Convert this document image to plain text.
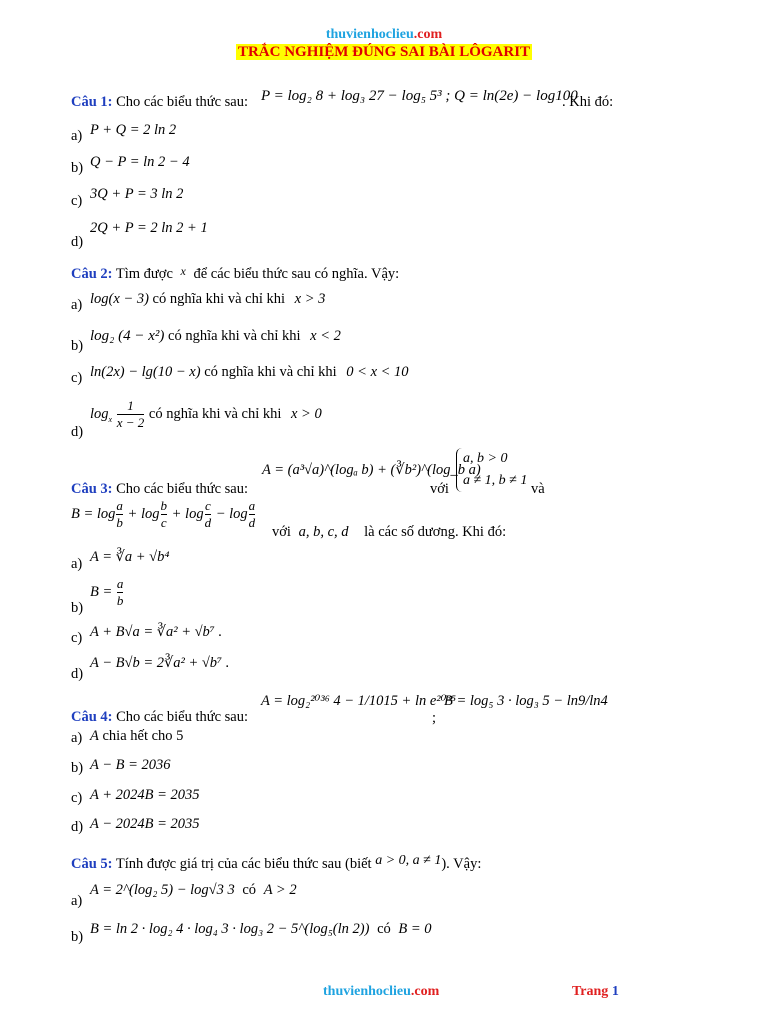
thuvienhoclieu.com
TRẮC NGHIỆM ĐÚNG SAI BÀI LÔGARIT
Câu 1: Cho các biểu thức sau: P = log₂ 8 + log₃ 27 − log₅ 5³ ; Q = ln(2e) − log100
. Khi đó:
a) P + Q = 2 ln 2
b) Q − P = ln 2 − 4
c) 3Q + P = 3 ln 2
d)
2Q + P = 2 ln 2 + 1
Câu 2: Tìm được $^x$ để các biểu thức sau có nghĩa. Vậy:
a) log(x − 3) có nghĩa khi và chỉ khi x > 3
b)
log₂ (4 − x²) có nghĩa khi và chỉ khi x < 2
c) ln(2x) − lg(10 − x) có nghĩa khi và chỉ khi 0 < x < 10
d)
$\log_x \frac{1}{x - 2}$ có nghĩa khi và chỉ khi x > 0
Câu 3: Cho các biểu thức sau:
A = (a³√a)^(logₐ b) + (∛b²)^(log_b a)
với
a, b > 0
a ≠ 1, b ≠ 1
và
$B = \log \frac{a}{b} + \log \frac{b}{c} + \log \frac{c}{d} - \log \frac{a}{d}$
với a, b, c, d là các số dương. Khi đó:
a) A = ∛a + √b⁴
b)
$B = \frac{a}{b}$
c) A + B√a = ∛a² + √b⁷ .
d)
A − B√b = 2∛a² + √b⁷ .
Câu 4: Cho các biểu thức sau:
A = log₂²⁰³⁶ 4 − 1/1015 + ln e²⁰³⁵
;
B = log₅ 3 · log₃ 5 − ln9/ln4
a) A chia hết cho 5
b) A − B = 2036
c) A + 2024B = 2035
d) A − 2024B = 2035
Câu 5: Tính được giá trị của các biểu thức sau (biết a > 0, a ≠ 1). Vậy:
a)
A = 2^(log₂ 5) − log√3 3 có A > 2
b) B = ln 2 · log₂ 4 · log₄ 3 · log₃ 2 − 5^(log₅(ln 2)) có B = 0
thuvienhoclieu.com	Trang 1
